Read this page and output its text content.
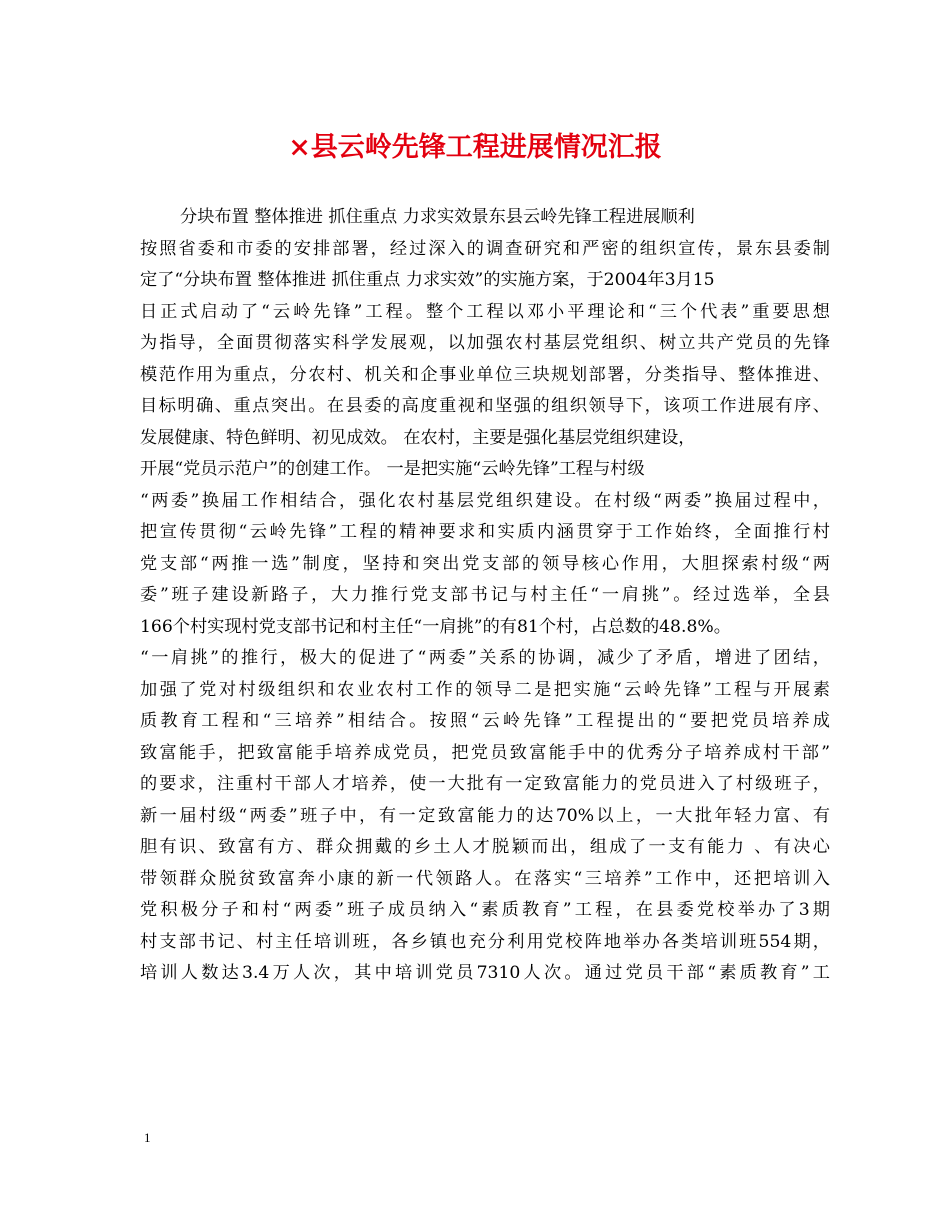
×县云岭先锋工程进展情况汇报
分块布置 整体推进 抓住重点 力求实效景东县云岭先锋工程进展顺利
按照省委和市委的安排部署，经过深入的调查研究和严密的组织宣传，景东县委制
定了“分块布置 整体推进 抓住重点 力求实效”的实施方案，于2004年3月15
日正式启动了“云岭先锋”工程。整个工程以邓小平理论和“三个代表”重要思想
为指导，全面贯彻落实科学发展观，以加强农村基层党组织、树立共产党员的先锋
模范作用为重点，分农村、机关和企事业单位三块规划部署，分类指导、整体推进、
目标明确、重点突出。在县委的高度重视和坚强的组织领导下，该项工作进展有序、
发展健康、特色鲜明、初见成效。 在农村，主要是强化基层党组织建设，
开展“党员示范户”的创建工作。 一是把实施“云岭先锋”工程与村级
“两委”换届工作相结合，强化农村基层党组织建设。在村级“两委”换届过程中，
把宣传贯彻“云岭先锋”工程的精神要求和实质内涵贯穿于工作始终，全面推行村
党支部“两推一选”制度，坚持和突出党支部的领导核心作用，大胆探索村级“两
委”班子建设新路子，大力推行党支部书记与村主任“一肩挑”。经过选举，全县
166个村实现村党支部书记和村主任“一肩挑”的有81个村，占总数的48.8%。
“一肩挑”的推行，极大的促进了“两委”关系的协调，减少了矛盾，增进了团结，
加强了党对村级组织和农业农村工作的领导二是把实施“云岭先锋”工程与开展素
质教育工程和“三培养”相结合。按照“云岭先锋”工程提出的“要把党员培养成
致富能手，把致富能手培养成党员，把党员致富能手中的优秀分子培养成村干部”
的要求，注重村干部人才培养，使一大批有一定致富能力的党员进入了村级班子，
新一届村级“两委”班子中，有一定致富能力的达70%以上，一大批年轻力富、有
胆有识、致富有方、群众拥戴的乡土人才脱颖而出，组成了一支有能力 、有决心
带领群众脱贫致富奔小康的新一代领路人。在落实“三培养”工作中，还把培训入
党积极分子和村“两委”班子成员纳入“素质教育”工程，在县委党校举办了3期
村支部书记、村主任培训班，各乡镇也充分利用党校阵地举办各类培训班554期，
培训人数达3.4万人次，其中培训党员7310人次。通过党员干部“素质教育”工
1
